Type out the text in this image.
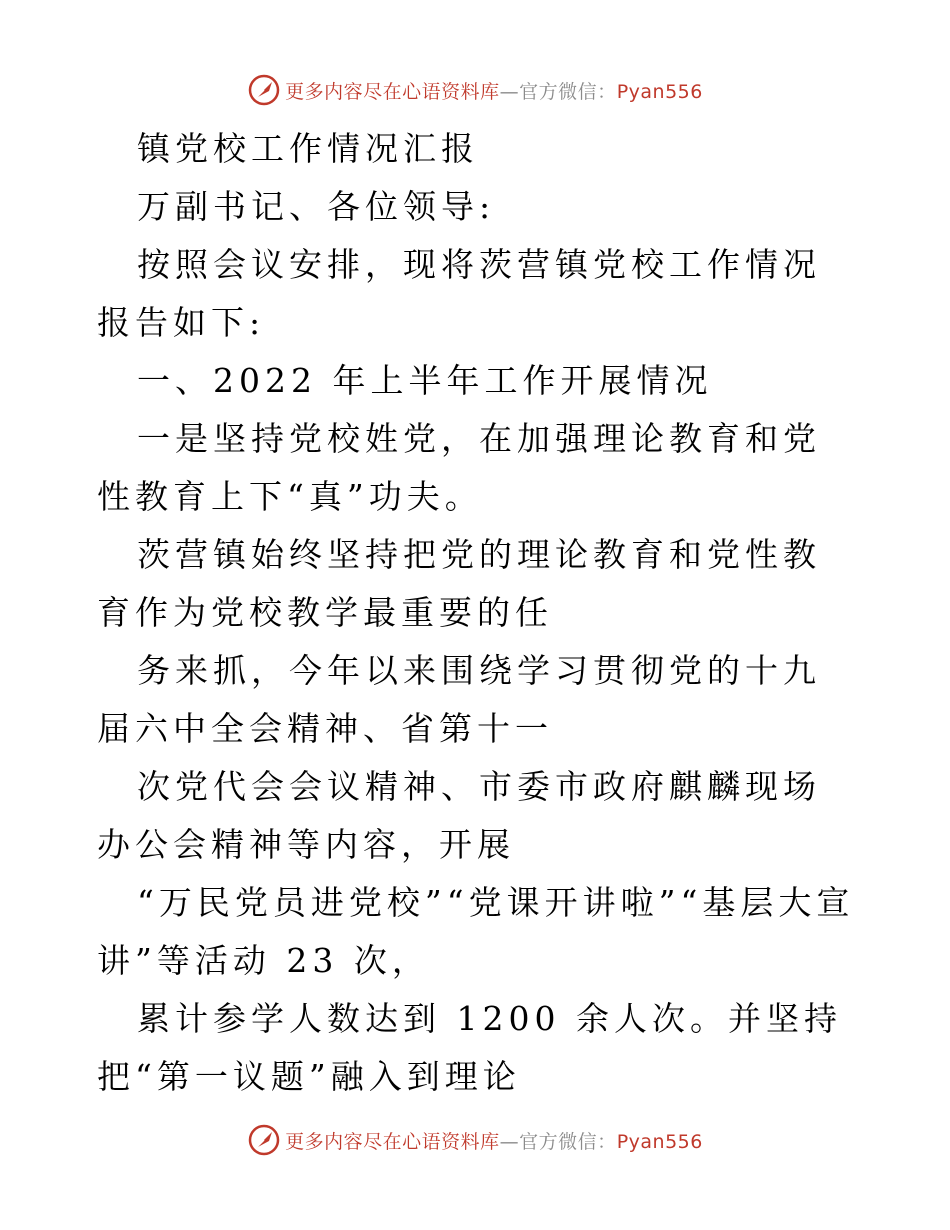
更多内容尽在心语资料库—官方微信：Pyan556

镇党校工作情况汇报

万副书记、各位领导:

按照会议安排，现将茨营镇党校工作情况报告如下:

一、2022 年上半年工作开展情况

一是坚持党校姓党，在加强理论教育和党性教育上下“真”功夫。

茨营镇始终坚持把党的理论教育和党性教育作为党校教学最重要的任

务来抓，今年以来围绕学习贯彻党的十九届六中全会精神、省第十一

次党代会会议精神、市委市政府麒麟现场办公会精神等内容，开展

“万民党员进党校”“党课开讲啦”“基层大宣讲”等活动 23 次，

累计参学人数达到 1200 余人次。并坚持把“第一议题”融入到理论

更多内容尽在心语资料库—官方微信：Pyan556
